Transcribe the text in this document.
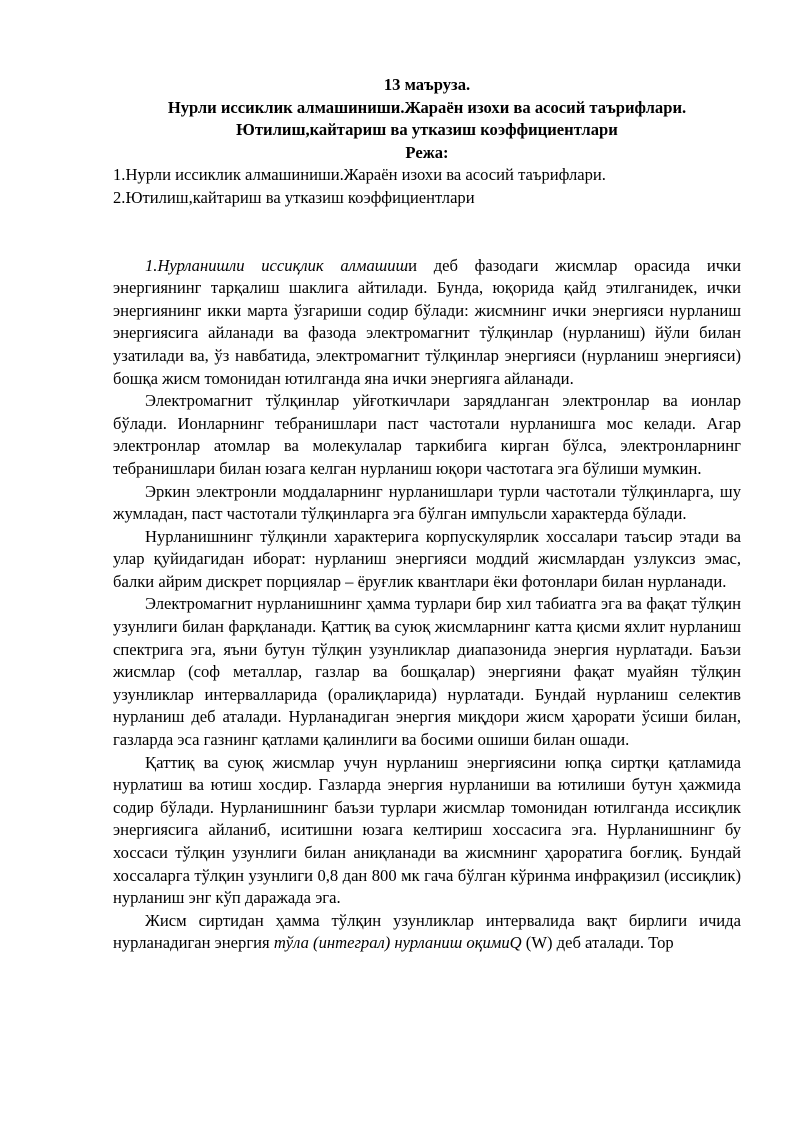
13 маъруза.

Нурли иссиклик алмашиниши.Жараён изохи ва асосий таърифлари.

Ютилиш,кайтариш ва утказиш коэффициентлари

Режа:

1.Нурли иссиклик алмашиниши.Жараён изохи ва асосий таърифлари.

2.Ютилиш,кайтариш ва утказиш коэффициентлари

1.Нурланишли иссиқлик алмашиши деб фазодаги жисмлар орасида ички энергиянинг тарқалиш шаклига айтилади. Бунда, юқорида қайд этилганидек, ички энергиянинг икки марта ўзгариши содир бўлади: жисмнинг ички энергияси нурланиш энергиясига айланади ва фазода электромагнит тўлқинлар (нурланиш) йўли билан узатилади ва, ўз навбатида, электромагнит тўлқинлар энергияси (нурланиш энергияси) бошқа жисм томонидан ютилганда яна ички энергияга айланади.

Электромагнит тўлқинлар уйғоткичлари зарядланган электронлар ва ионлар бўлади. Ионларнинг тебранишлари паст частотали нурланишга мос келади. Агар электронлар атомлар ва молекулалар таркибига кирган бўлса, электронларнинг тебранишлари билан юзага келган нурланиш юқори частотага эга бўлиши мумкин.

Эркин электронли моддаларнинг нурланишлари турли частотали тўлқинларга, шу жумладан, паст частотали тўлқинларга эга бўлган импульсли характерда бўлади.

Нурланишнинг тўлқинли характерига корпускулярлик хоссалари таъсир этади ва улар қуйидагидан иборат: нурланиш энергияси моддий жисмлардан узлуксиз эмас, балки айрим дискрет порциялар – ёруғлик квантлари ёки фотонлари билан нурланади.

Электромагнит нурланишнинг ҳамма турлари бир хил табиатга эга ва фақат тўлқин узунлиги билан фарқланади. Қаттиқ ва суюқ жисмларнинг катта қисми яхлит нурланиш спектрига эга, яъни бутун тўлқин узунликлар диапазонида энергия нурлатади. Баъзи жисмлар (соф металлар, газлар ва бошқалар) энергияни фақат муайян тўлқин узунликлар интервалларида (оралиқларида) нурлатади. Бундай нурланиш селектив нурланиш деб аталади. Нурланадиган энергия миқдори жисм ҳарорати ўсиши билан, газларда эса газнинг қатлами қалинлиги ва босими ошиши билан ошади.

Қаттиқ ва суюқ жисмлар учун нурланиш энергиясини юпқа сиртқи қатламида нурлатиш ва ютиш хосдир. Газларда энергия нурланиши ва ютилиши бутун ҳажмида содир бўлади. Нурланишнинг баъзи турлари жисмлар томонидан ютилганда иссиқлик энергиясига айланиб, иситишни юзага келтириш хоссасига эга. Нурланишнинг бу хоссаси тўлқин узунлиги билан аниқланади ва жисмнинг ҳароратига боғлиқ. Бундай хоссаларга тўлқин узунлиги 0,8 дан 800 мк гача бўлган кўринма инфрақизил (иссиқлик) нурланиш энг кўп даражада эга.

Жисм сиртидан ҳамма тўлқин узунликлар интервалида вақт бирлиги ичида нурланадиган энергия тўла (интеграл) нурланиш оқимиQ (W) деб аталади. Тор
